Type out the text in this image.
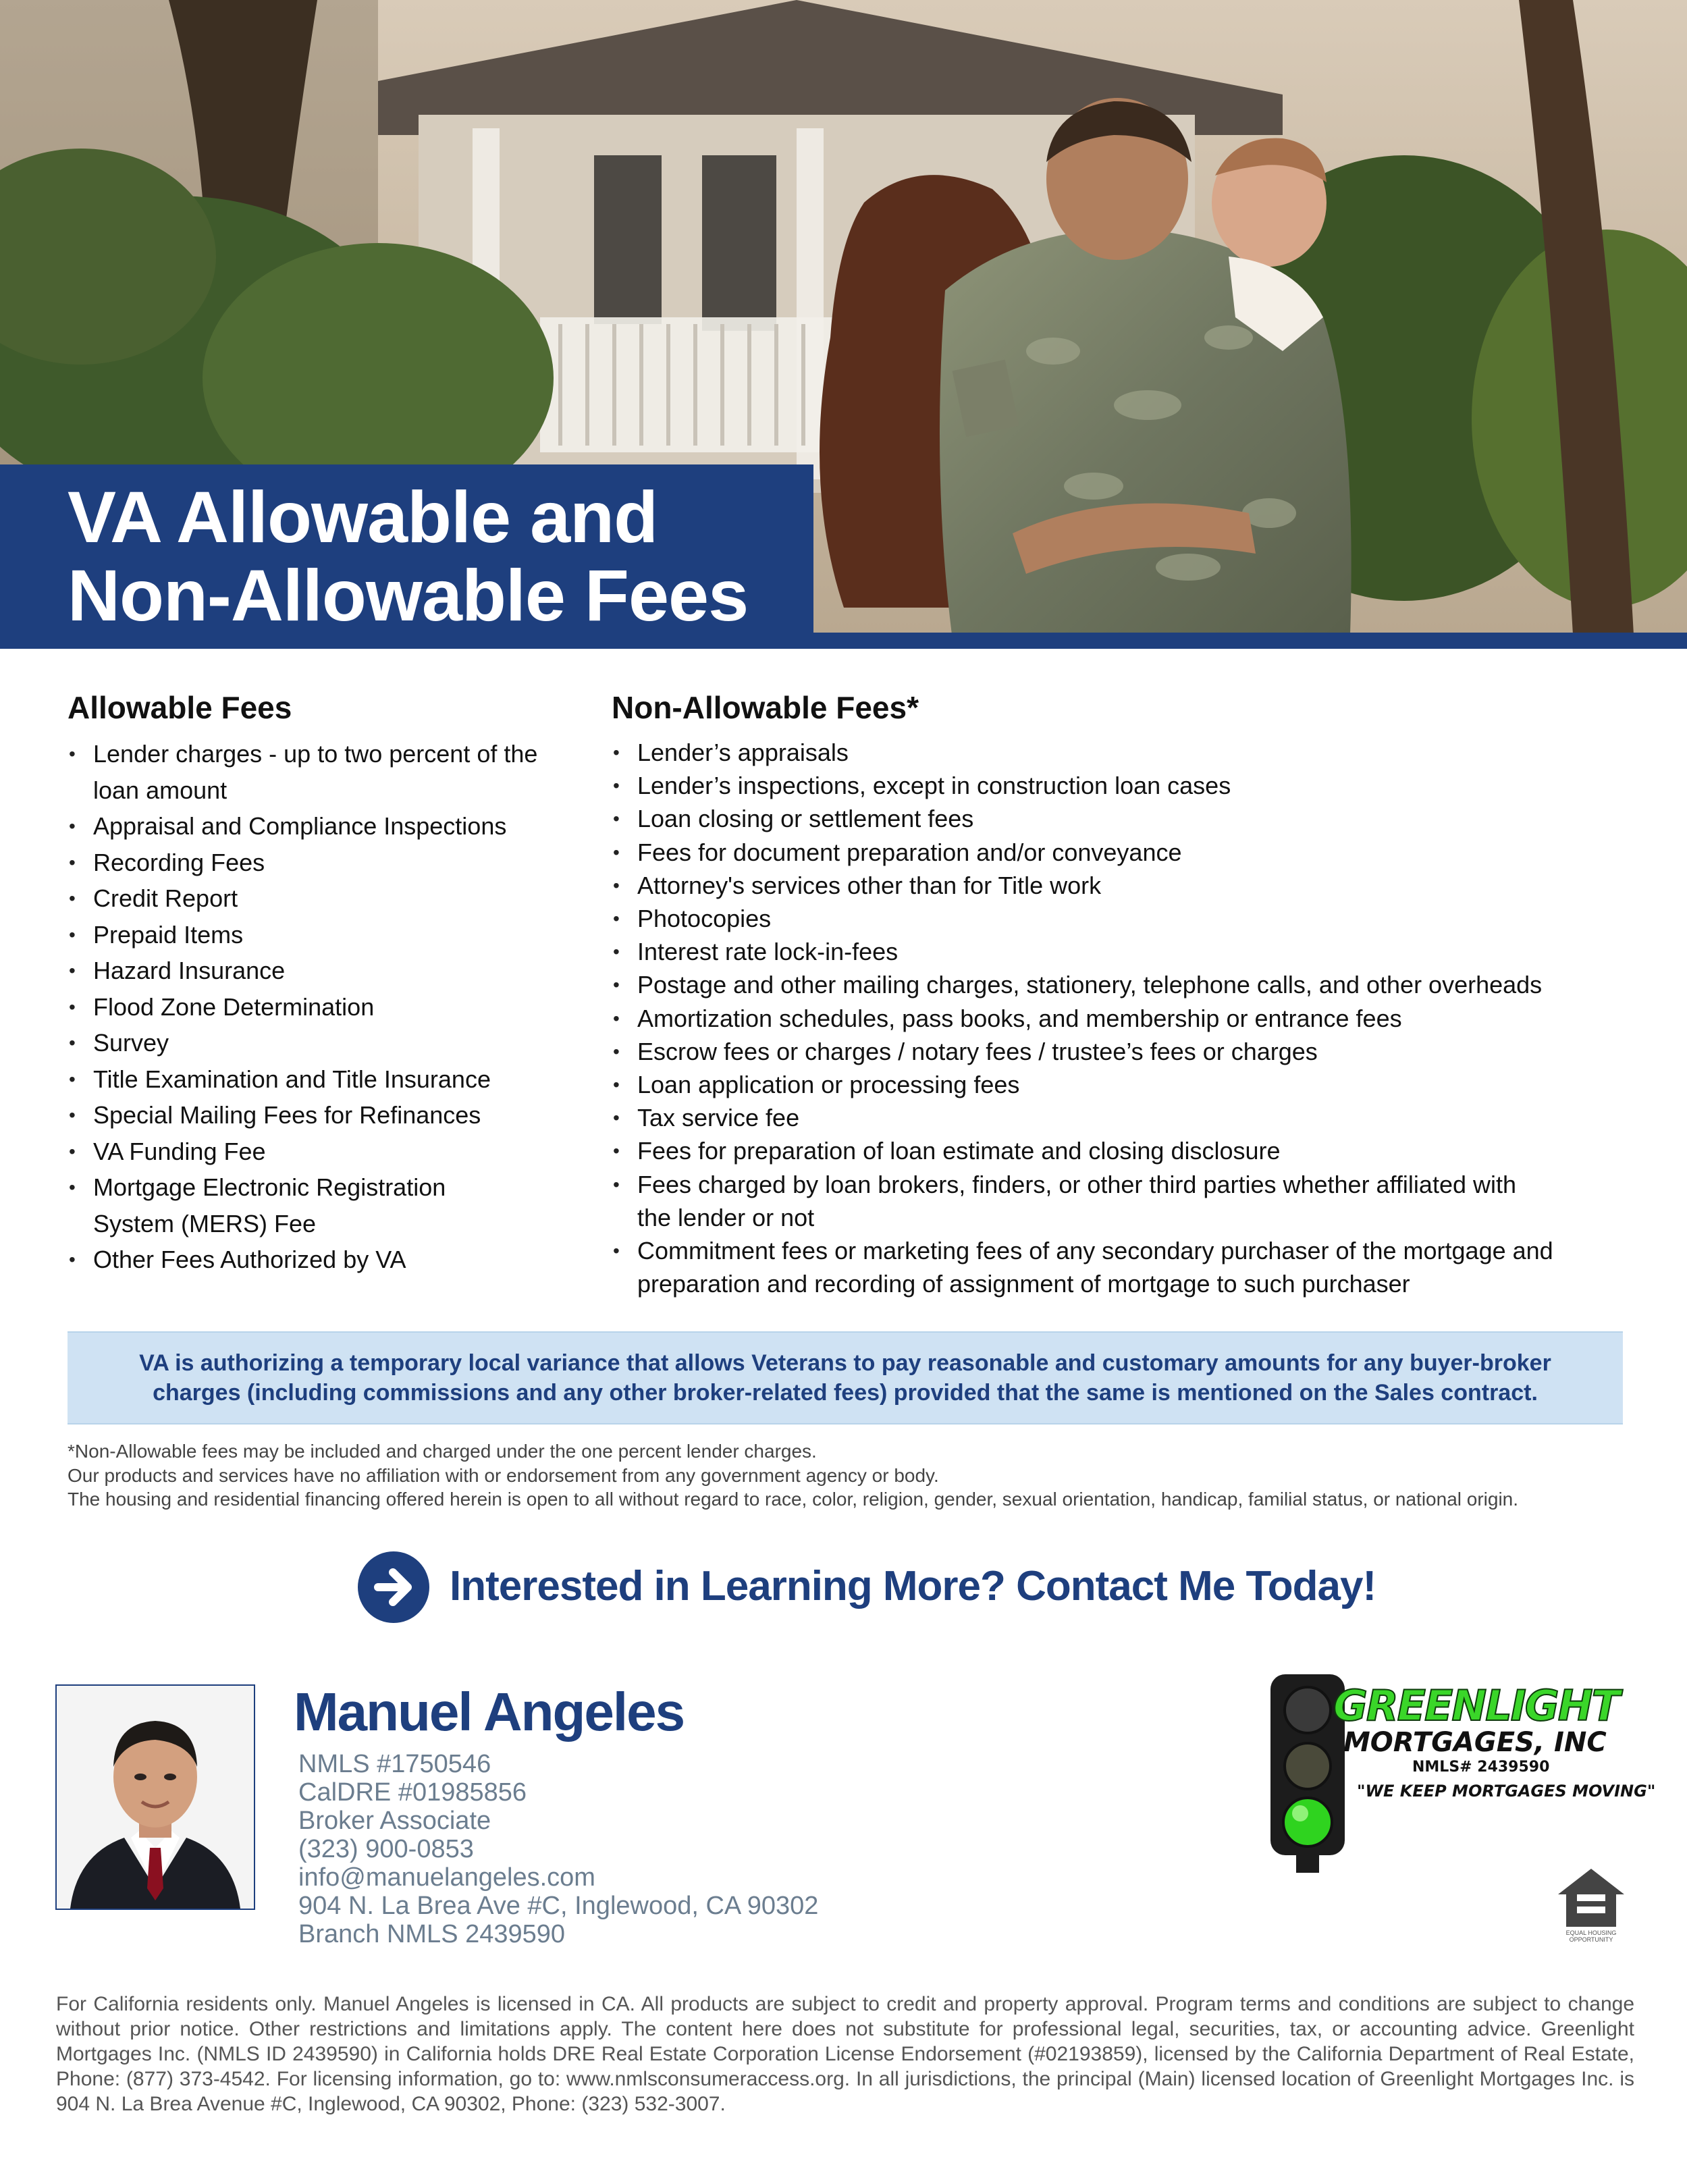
VA Allowable and
Non-Allowable Fees
Allowable Fees
• Lender charges - up to two percent of the
loan amount
• Appraisal and Compliance Inspections
• Recording Fees
• Credit Report
• Prepaid Items
• Hazard Insurance
• Flood Zone Determination
• Survey
• Title Examination and Title Insurance
• Special Mailing Fees for Refinances
• VA Funding Fee
• Mortgage Electronic Registration
System (MERS) Fee
• Other Fees Authorized by VA
Non-Allowable Fees*
• Lender’s appraisals
• Lender’s inspections, except in construction loan cases
• Loan closing or settlement fees
• Fees for document preparation and/or conveyance
• Attorney's services other than for Title work
• Photocopies
• Interest rate lock-in-fees
• Postage and other mailing charges, stationery, telephone calls, and other overheads
• Amortization schedules, pass books, and membership or entrance fees
• Escrow fees or charges / notary fees / trustee’s fees or charges
• Loan application or processing fees
• Tax service fee
• Fees for preparation of loan estimate and closing disclosure
• Fees charged by loan brokers, finders, or other third parties whether affiliated with
the lender or not
• Commitment fees or marketing fees of any secondary purchaser of the mortgage and
preparation and recording of assignment of mortgage to such purchaser

VA is authorizing a temporary local variance that allows Veterans to pay reasonable and customary amounts for any buyer-broker charges (including commissions and any other broker-related fees) provided that the same is mentioned on the Sales contract.

*Non-Allowable fees may be included and charged under the one percent lender charges.

Our products and services have no affiliation with or endorsement from any government agency or body.

The housing and residential financing offered herein is open to all without regard to race, color, religion, gender, sexual orientation, handicap, familial status, or national origin.

Interested in Learning More? Contact Me Today!
Manuel Angeles
NMLS #1750546
CalDRE #01985856
Broker Associate
(323) 900-0853
info@manuelangeles.com
904 N. La Brea Ave #C, Inglewood, CA 90302
Branch NMLS 2439590
GREENLIGHT
MORTGAGES, INC
NMLS# 2439590
"WE KEEP MORTGAGES MOVING"
EQUAL HOUSING OPPORTUNITY

For California residents only. Manuel Angeles is licensed in CA. All products are subject to credit and property approval. Program terms and conditions are subject to change without prior notice. Other restrictions and limitations apply. The content here does not substitute for professional legal, securities, tax, or accounting advice. Greenlight Mortgages Inc. (NMLS ID 2439590) in California holds DRE Real Estate Corporation License Endorsement (#02193859), licensed by the California Department of Real Estate, Phone: (877) 373-4542. For licensing information, go to: www.nmlsconsumeraccess.org. In all jurisdictions, the principal (Main) licensed location of Greenlight Mortgages Inc. is 904 N. La Brea Avenue #C, Inglewood, CA 90302, Phone: (323) 532-3007.
